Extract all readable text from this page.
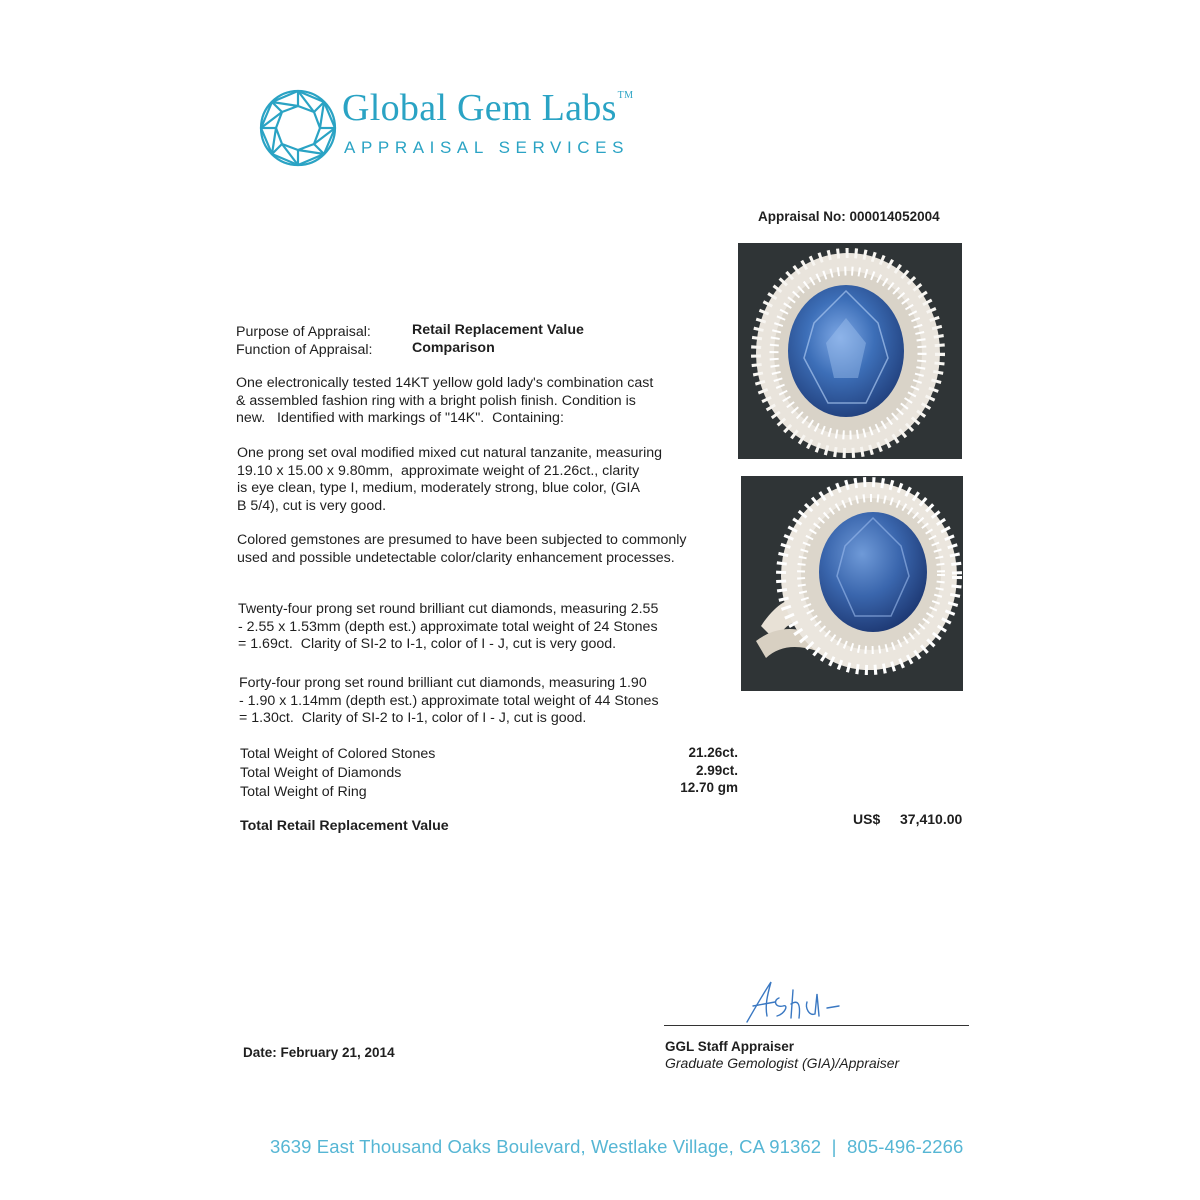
Global Gem Labs™
APPRAISAL SERVICES
Appraisal No: 000014052004
Purpose of Appraisal:	Retail Replacement Value
Function of Appraisal:	Comparison
One electronically tested 14KT yellow gold lady's combination cast
& assembled fashion ring with a bright polish finish. Condition is
new.   Identified with markings of "14K".  Containing:
One prong set oval modified mixed cut natural tanzanite, measuring
19.10 x 15.00 x 9.80mm,  approximate weight of 21.26ct., clarity
is eye clean, type I, medium, moderately strong, blue color, (GIA
B 5/4), cut is very good.
Colored gemstones are presumed to have been subjected to commonly
used and possible undetectable color/clarity enhancement processes.
Twenty-four prong set round brilliant cut diamonds, measuring 2.55
- 2.55 x 1.53mm (depth est.) approximate total weight of 24 Stones
= 1.69ct.  Clarity of SI-2 to I-1, color of I - J, cut is very good.
Forty-four prong set round brilliant cut diamonds, measuring 1.90
- 1.90 x 1.14mm (depth est.) approximate total weight of 44 Stones
= 1.30ct.  Clarity of SI-2 to I-1, color of I - J, cut is good.
Total Weight of Colored Stones	21.26ct.
Total Weight of Diamonds	2.99ct.
Total Weight of Ring	12.70 gm
Total Retail Replacement Value	US$ 37,410.00
Date: February 21, 2014	GGL Staff Appraiser
Graduate Gemologist (GIA)/Appraiser
3639 East Thousand Oaks Boulevard, Westlake Village, CA 91362  |  805-496-2266
